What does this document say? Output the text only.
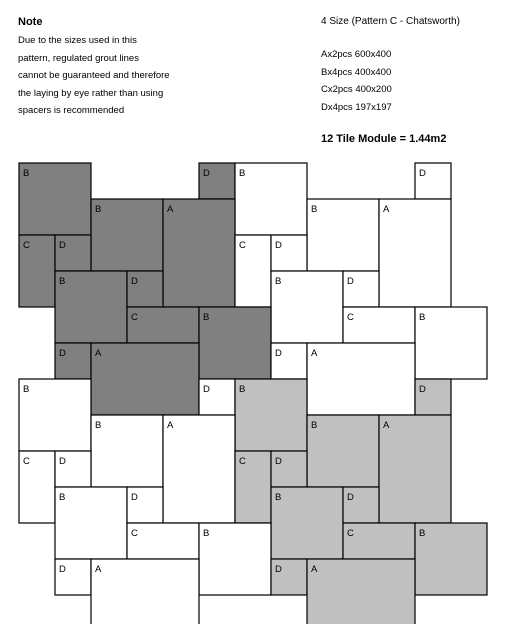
Note
Due to the sizes used in this
pattern, regulated grout lines
cannot be guaranteed and therefore
the laying by eye rather than using
spacers is recommended
4 Size (Pattern C - Chatsworth)
Ax2pcs 600x400
Bx4pcs 400x400
Cx2pcs 400x200
Dx4pcs 197x197
12 Tile Module = 1.44m2
B	D	B	D
B	A	B	A
C	D	C	D
B	D	B	D
C	B	C	B
D	A	D	A
B	D	B	D
B	A	B	A
C	D	C	D
B	D	B	D
C	B	C	B
D	A	D	A
